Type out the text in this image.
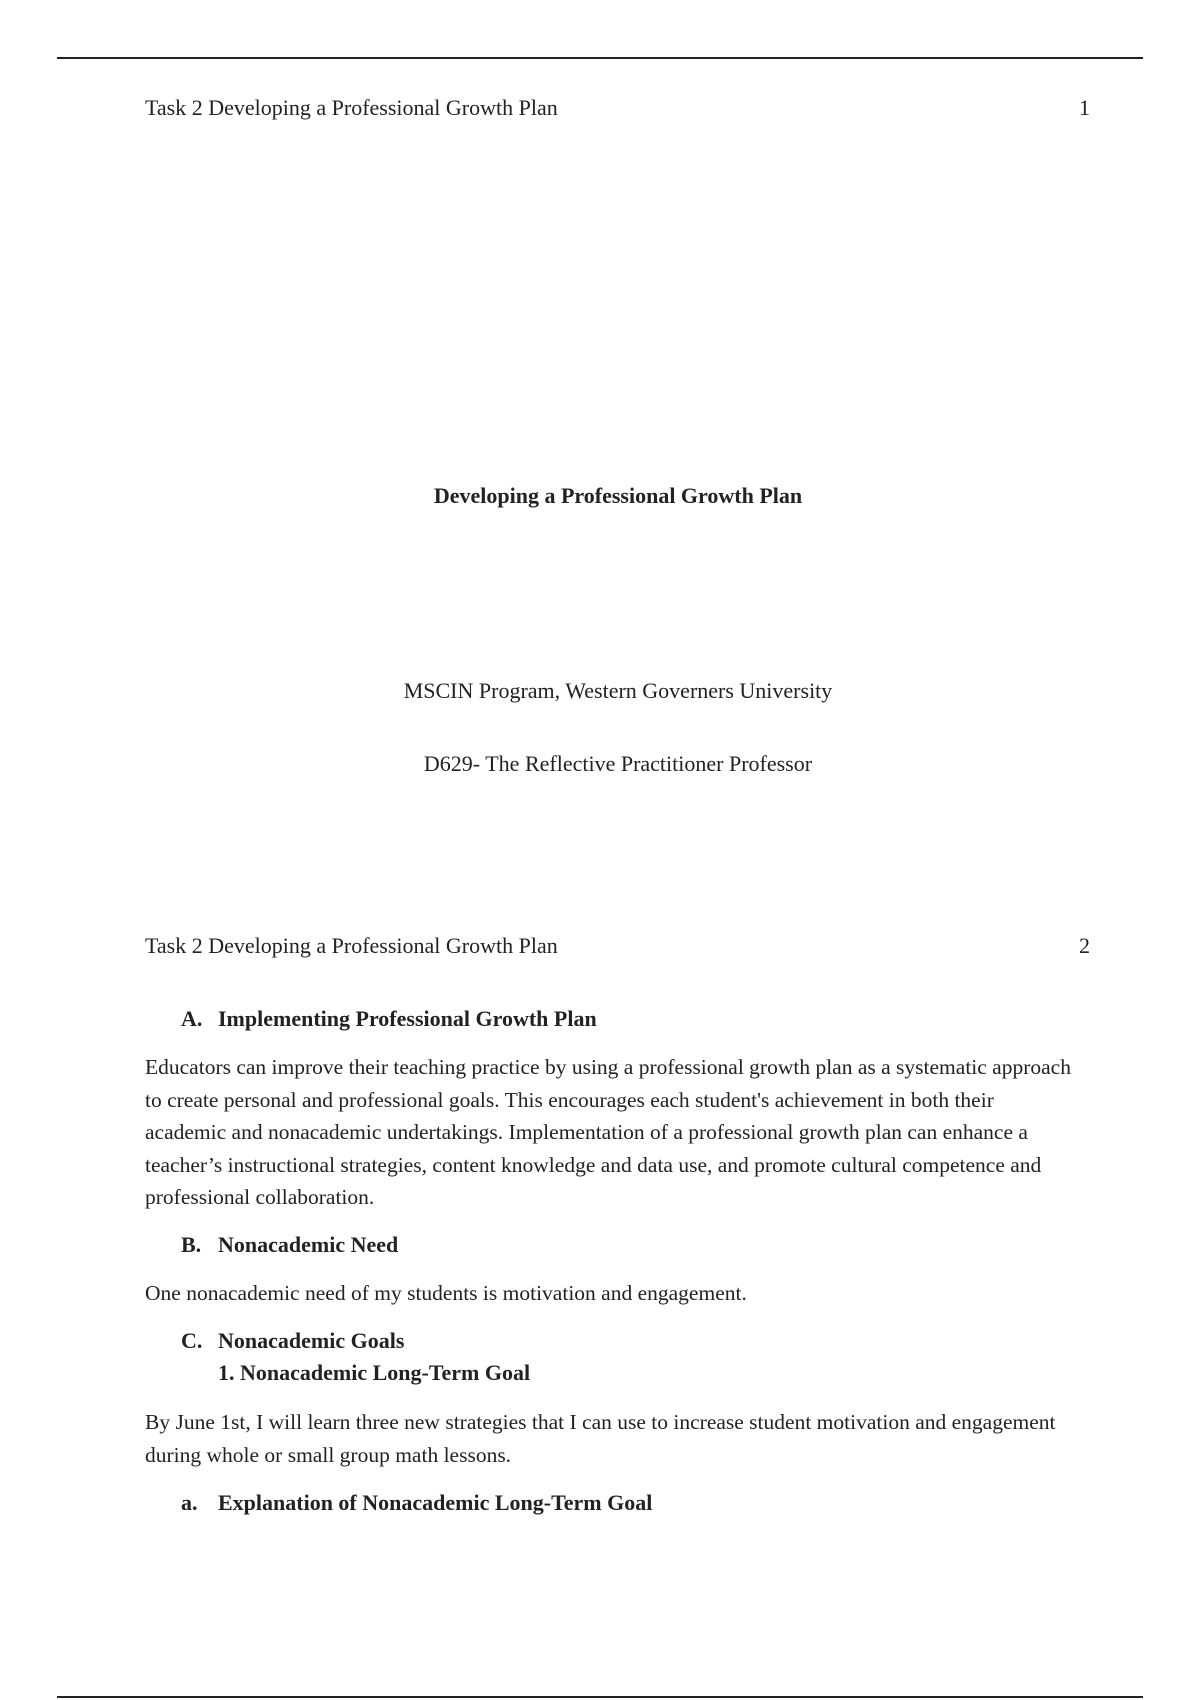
Task 2 Developing a Professional Growth Plan	1
Developing a Professional Growth Plan
MSCIN Program, Western Governers University
D629- The Reflective Practitioner Professor
Task 2 Developing a Professional Growth Plan	2
A. Implementing Professional Growth Plan

Educators can improve their teaching practice by using a professional growth plan as a systematic approach to create personal and professional goals. This encourages each student's achievement in both their academic and nonacademic undertakings. Implementation of a professional growth plan can enhance a teacher’s instructional strategies, content knowledge and data use, and promote cultural competence and professional collaboration.

B. Nonacademic Need

One nonacademic need of my students is motivation and engagement.

C. Nonacademic Goals
1. Nonacademic Long-Term Goal

By June 1st, I will learn three new strategies that I can use to increase student motivation and engagement during whole or small group math lessons.

a. Explanation of Nonacademic Long-Term Goal
